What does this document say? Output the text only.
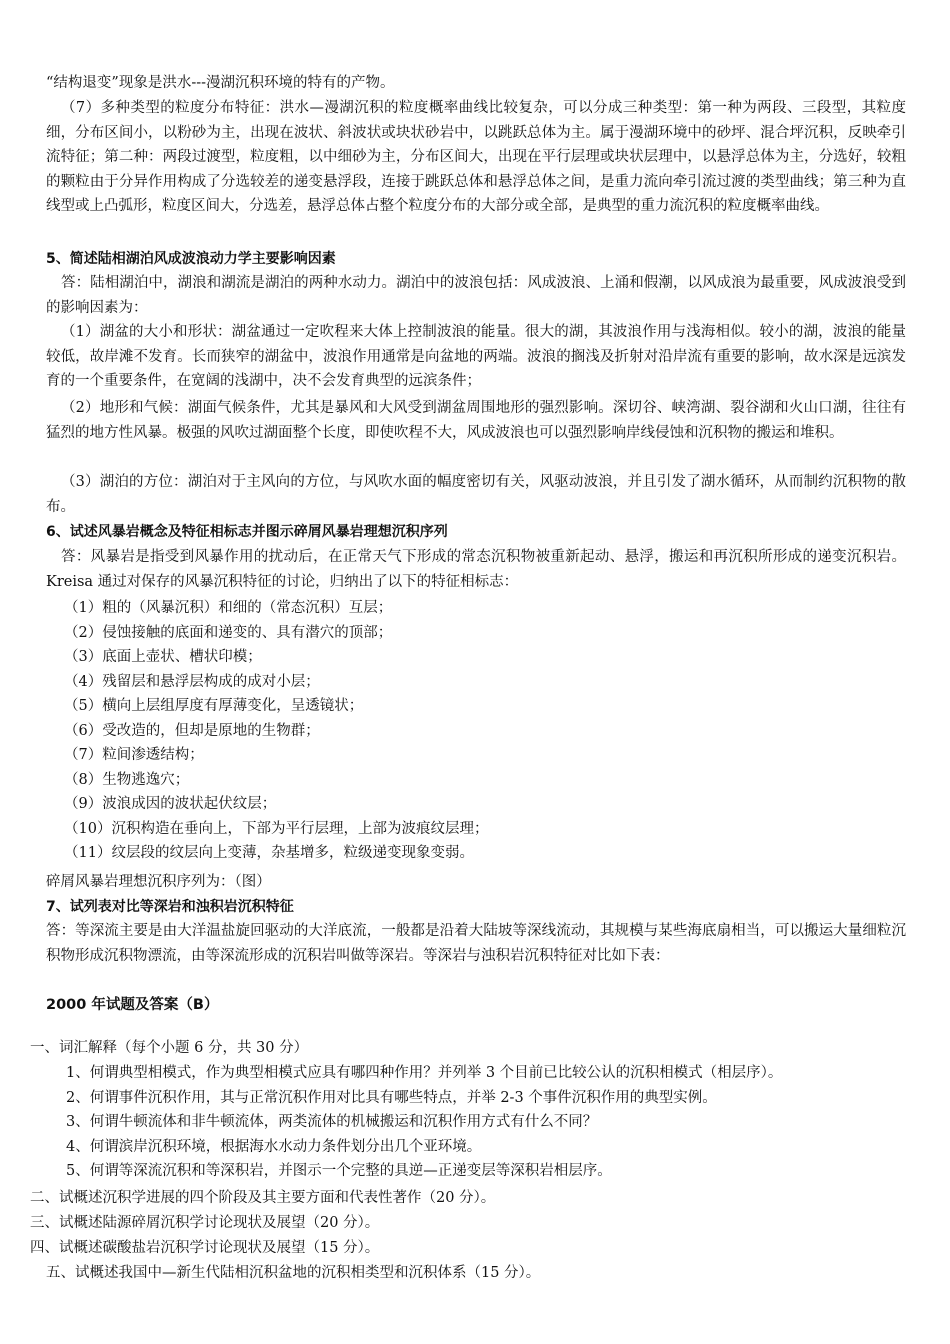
“结构退变”现象是洪水---漫湖沉积环境的特有的产物。
（7）多种类型的粒度分布特征：洪水—漫湖沉积的粒度概率曲线比较复杂，可以分成三种类型：第一种为两段、三段型，其粒度细，分布区间小，以粉砂为主，出现在波状、斜波状或块状砂岩中，以跳跃总体为主。属于漫湖环境中的砂坪、混合坪沉积，反映牵引流特征；第二种：两段过渡型，粒度粗，以中细砂为主，分布区间大，出现在平行层理或块状层理中，以悬浮总体为主，分选好，较粗的颗粒由于分异作用构成了分选较差的递变悬浮段，连接于跳跃总体和悬浮总体之间，是重力流向牵引流过渡的类型曲线；第三种为直线型或上凸弧形，粒度区间大，分选差，悬浮总体占整个粒度分布的大部分或全部，是典型的重力流沉积的粒度概率曲线。
5、简述陆相湖泊风成波浪动力学主要影响因素
答：陆相湖泊中，湖浪和湖流是湖泊的两种水动力。湖泊中的波浪包括：风成波浪、上涌和假潮，以风成浪为最重要，风成波浪受到的影响因素为：
（1）湖盆的大小和形状：湖盆通过一定吹程来大体上控制波浪的能量。很大的湖，其波浪作用与浅海相似。较小的湖，波浪的能量较低，故岸滩不发育。长而狭窄的湖盆中，波浪作用通常是向盆地的两端。波浪的搁浅及折射对沿岸流有重要的影响，故水深是远滨发育的一个重要条件，在宽阔的浅湖中，决不会发育典型的远滨条件；
（2）地形和气候：湖面气候条件，尤其是暴风和大风受到湖盆周围地形的强烈影响。深切谷、峡湾湖、裂谷湖和火山口湖，往往有猛烈的地方性风暴。极强的风吹过湖面整个长度，即使吹程不大，风成波浪也可以强烈影响岸线侵蚀和沉积物的搬运和堆积。
（3）湖泊的方位：湖泊对于主风向的方位，与风吹水面的幅度密切有关，风驱动波浪，并且引发了湖水循环，从而制约沉积物的散布。
6、试述风暴岩概念及特征相标志并图示碎屑风暴岩理想沉积序列
答：风暴岩是指受到风暴作用的扰动后，在正常天气下形成的常态沉积物被重新起动、悬浮，搬运和再沉积所形成的递变沉积岩。Kreisa 通过对保存的风暴沉积特征的讨论，归纳出了以下的特征相标志：
（1）粗的（风暴沉积）和细的（常态沉积）互层；
（2）侵蚀接触的底面和递变的、具有潜穴的顶部；
（3）底面上壶状、槽状印模；
（4）残留层和悬浮层构成的成对小层；
（5）横向上层组厚度有厚薄变化，呈透镜状；
（6）受改造的，但却是原地的生物群；
（7）粒间渗透结构；
（8）生物逃逸穴；
（9）波浪成因的波状起伏纹层；
（10）沉积构造在垂向上，下部为平行层理，上部为波痕纹层理；
（11）纹层段的纹层向上变薄，杂基增多，粒级递变现象变弱。
碎屑风暴岩理想沉积序列为：（图）
7、试列表对比等深岩和浊积岩沉积特征
答：等深流主要是由大洋温盐旋回驱动的大洋底流，一般都是沿着大陆坡等深线流动，其规模与某些海底扇相当，可以搬运大量细粒沉积物形成沉积物漂流，由等深流形成的沉积岩叫做等深岩。等深岩与浊积岩沉积特征对比如下表：
2000 年试题及答案（B）
一、词汇解释（每个小题 6 分，共 30 分）
1、何谓典型相模式，作为典型相模式应具有哪四种作用？并列举 3 个目前已比较公认的沉积相模式（相层序）。
2、何谓事件沉积作用，其与正常沉积作用对比具有哪些特点，并举 2-3 个事件沉积作用的典型实例。
3、何谓牛顿流体和非牛顿流体，两类流体的机械搬运和沉积作用方式有什么不同？
4、何谓滨岸沉积环境，根据海水水动力条件划分出几个亚环境。
5、何谓等深流沉积和等深积岩，并图示一个完整的具逆—正递变层等深积岩相层序。
二、试概述沉积学进展的四个阶段及其主要方面和代表性著作（20 分）。
三、试概述陆源碎屑沉积学讨论现状及展望（20 分）。
四、试概述碳酸盐岩沉积学讨论现状及展望（15 分）。
五、试概述我国中—新生代陆相沉积盆地的沉积相类型和沉积体系（15 分）。
